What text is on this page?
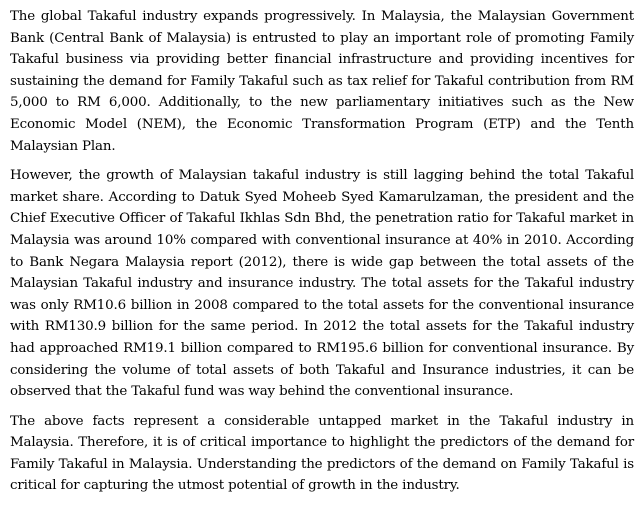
The global Takaful industry expands progressively. In Malaysia, the Malaysian Government Bank (Central Bank of Malaysia) is entrusted to play an important role of promoting Family Takaful business via providing better financial infrastructure and providing incentives for sustaining the demand for Family Takaful such as tax relief for Takaful contribution from RM 5,000 to RM 6,000. Additionally, to the new parliamentary initiatives such as the New Economic Model (NEM), the Economic Transformation Program (ETP) and the Tenth Malaysian Plan.

However, the growth of Malaysian takaful industry is still lagging behind the total Takaful market share. According to Datuk Syed Moheeb Syed Kamarulzaman, the president and the Chief Executive Officer of Takaful Ikhlas Sdn Bhd, the penetration ratio for Takaful market in Malaysia was around 10% compared with conventional insurance at 40% in 2010. According to Bank Negara Malaysia report (2012), there is wide gap between the total assets of the Malaysian Takaful industry and insurance industry. The total assets for the Takaful industry was only RM10.6 billion in 2008 compared to the total assets for the conventional insurance with RM130.9 billion for the same period. In 2012 the total assets for the Takaful industry had approached RM19.1 billion compared to RM195.6 billion for conventional insurance. By considering the volume of total assets of both Takaful and Insurance industries, it can be observed that the Takaful fund was way behind the conventional insurance.

The above facts represent a considerable untapped market in the Takaful industry in Malaysia. Therefore, it is of critical importance to highlight the predictors of the demand for Family Takaful in Malaysia. Understanding the predictors of the demand on Family Takaful is critical for capturing the utmost potential of growth in the industry.
